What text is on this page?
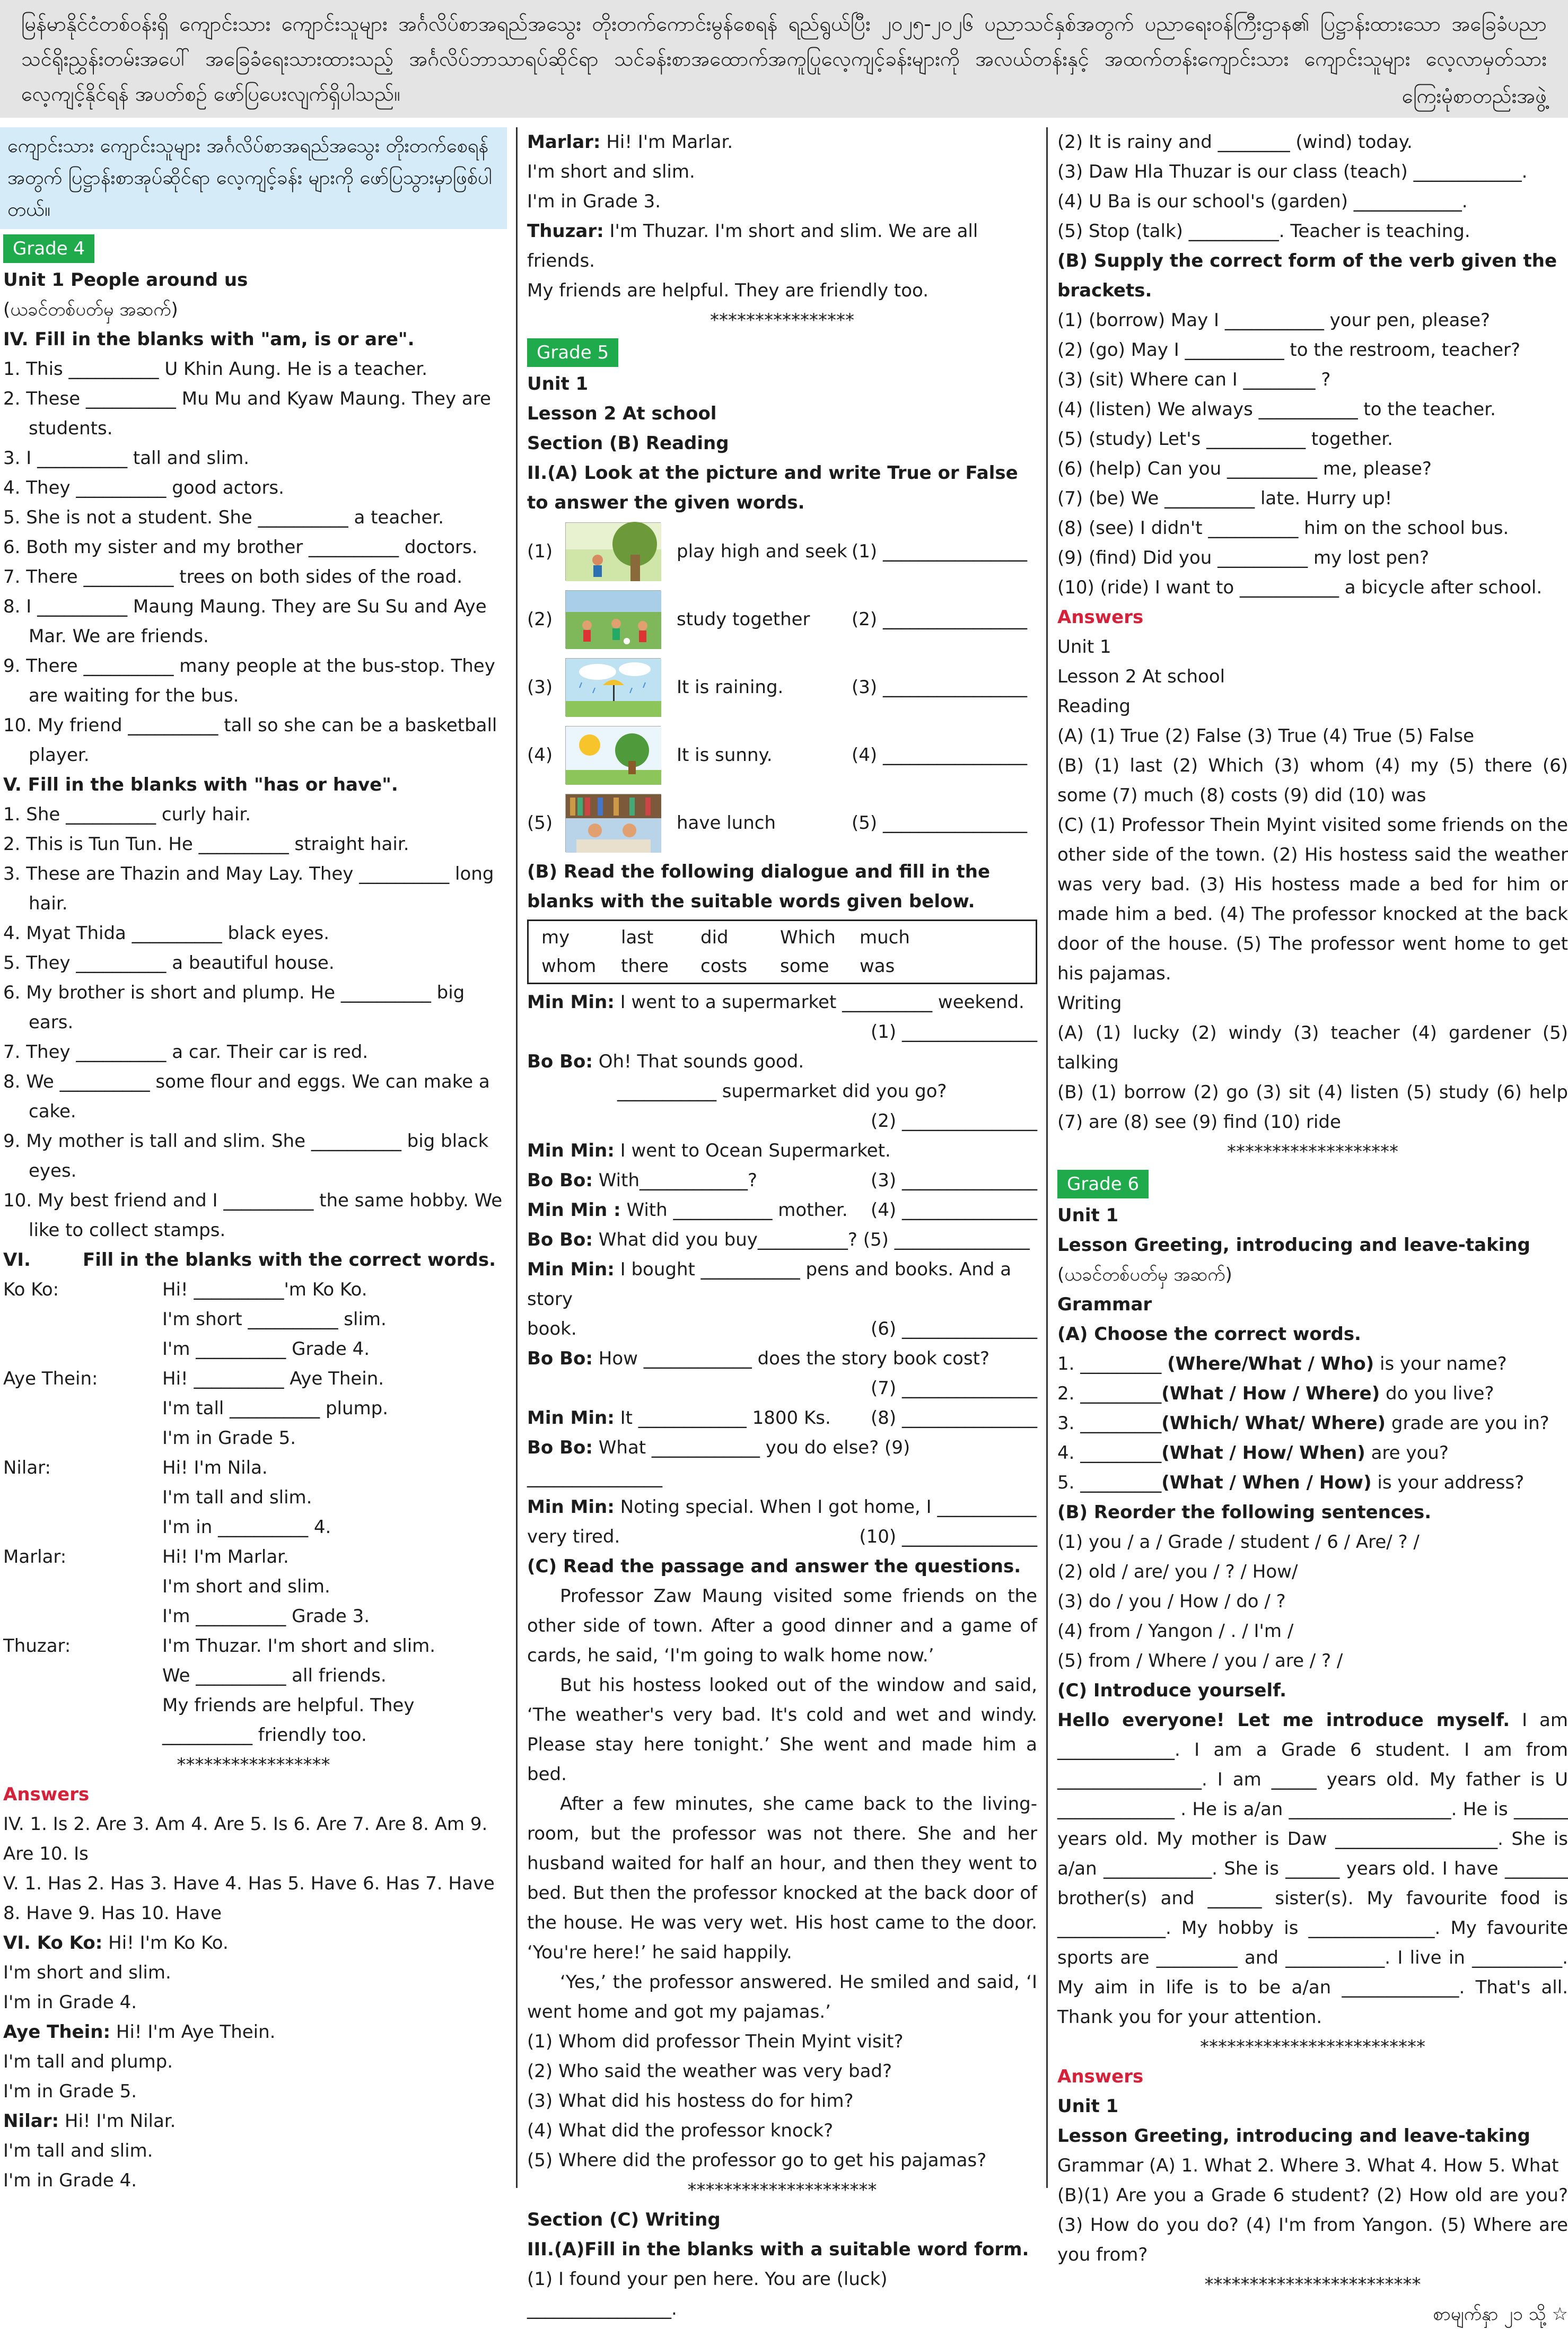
မြန်မာနိုင်ငံတစ်ဝန်းရှိ ကျောင်းသား ကျောင်းသူများ အင်္ဂလိပ်စာအရည်အသွေး တိုးတက်ကောင်းမွန်စေရန် ရည်ရွယ်ပြီး ၂၀၂၅-၂၀၂၆ ပညာသင်နှစ်အတွက် ပညာရေးဝန်ကြီးဌာန၏ ပြဋ္ဌာန်းထားသော အခြေခံပညာသင်ရိုးညွှန်းတမ်းအပေါ် အခြေခံရေးသားထားသည့် အင်္ဂလိပ်ဘာသာရပ်ဆိုင်ရာ သင်ခန်းစာအထောက်အကူပြုလေ့ကျင့်ခန်းများကို အလယ်တန်းနှင့် အထက်တန်းကျောင်းသား ကျောင်းသူများ လေ့လာမှတ်သားလေ့ကျင့်နိုင်ရန် အပတ်စဉ် ဖော်ပြပေးလျက်ရှိပါသည်။	ကြေးမုံစာတည်းအဖွဲ့
ကျောင်းသား ကျောင်းသူများ အင်္ဂလိပ်စာအရည်အသွေး တိုးတက်စေရန်အတွက် ပြဋ္ဌာန်းစာအုပ်ဆိုင်ရာ လေ့ကျင့်ခန်း များကို ဖော်ပြသွားမှာဖြစ်ပါတယ်။
Grade 4
Unit 1 People around us
(ယခင်တစ်ပတ်မှ အဆက်)
IV. Fill in the blanks with "am, is or are".
1. This __________ U Khin Aung. He is a teacher.
2. These __________ Mu Mu and Kyaw Maung. They are students.
3. I __________ tall and slim.
4. They __________ good actors.
5. She is not a student. She __________ a teacher.
6. Both my sister and my brother __________ doctors.
7. There __________ trees on both sides of the road.
8. I __________ Maung Maung. They are Su Su and Aye Mar. We are friends.
9. There __________ many people at the bus-stop. They are waiting for the bus.
10. My friend __________ tall so she can be a basketball player.
V. Fill in the blanks with "has or have".
1. She __________ curly hair.
2. This is Tun Tun. He __________ straight hair.
3. These are Thazin and May Lay. They __________ long hair.
4. Myat Thida __________ black eyes.
5. They __________ a beautiful house.
6. My brother is short and plump. He __________ big ears.
7. They __________ a car. Their car is red.
8. We __________ some flour and eggs. We can make a cake.
9. My mother is tall and slim. She __________ big black eyes.
10. My best friend and I __________ the same hobby. We like to collect stamps.
VI.	Fill in the blanks with the correct words.
Ko Ko:	Hi! __________'m Ko Ko.
I'm short __________ slim.
I'm __________ Grade 4.
Aye Thein:	Hi! __________ Aye Thein.
I'm tall __________ plump.
I'm in Grade 5.
Nilar:	Hi! I'm Nila.
I'm tall and slim.
I'm in __________ 4.
Marlar:	Hi! I'm Marlar.
I'm short and slim.
I'm __________ Grade 3.
Thuzar:	I'm Thuzar. I'm short and slim.
We __________ all friends.
My friends are helpful. They __________ friendly too.
*****************
Answers
IV. 1. Is 2. Are 3. Am 4. Are 5. Is 6. Are 7. Are 8. Am 9. Are 10. Is
V. 1. Has 2. Has 3. Have 4. Has 5. Have 6. Has 7. Have 8. Have 9. Has 10. Have
VI. Ko Ko: Hi! I'm Ko Ko.
I'm short and slim.
I'm in Grade 4.
Aye Thein: Hi! I'm Aye Thein.
I'm tall and plump.
I'm in Grade 5.
Nilar: Hi! I'm Nilar.
I'm tall and slim.
I'm in Grade 4.
Marlar: Hi! I'm Marlar.
I'm short and slim.
I'm in Grade 3.
Thuzar: I'm Thuzar. I'm short and slim. We are all friends.
My friends are helpful. They are friendly too.
****************
Grade 5
Unit 1
Lesson 2 At school
Section (B) Reading
II.(A) Look at the picture and write True or False to answer the given words.
(1)	play high and seek (1) ________________
(2)	study together	(2) ________________
(3)	It is raining.	(3) ________________
(4)	It is sunny.	(4) ________________
(5)	have lunch	(5) ________________
(B) Read the following dialogue and fill in the blanks with the suitable words given below.
my	last	did	Which	much
whom	there	costs	some	was
Min Min: I went to a supermarket __________ weekend.
(1) _______________
Bo Bo: Oh! That sounds good.
___________ supermarket did you go?
(2) _______________
Min Min: I went to Ocean Supermarket.
Bo Bo: With____________?	(3) _______________
Min Min : With ___________ mother. (4) _______________
Bo Bo: What did you buy__________? (5) _______________
Min Min: I bought ___________ pens and books. And a story
book.	(6) _______________
Bo Bo: How ____________ does the story book cost?
(7) _______________
Min Min: It ____________ 1800 Ks. (8) _______________
Bo Bo: What ____________ you do else? (9) _______________
Min Min: Noting special. When I got home, I ___________
very tired.	(10) _______________
(C) Read the passage and answer the questions.
Professor Zaw Maung visited some friends on the other side of town. After a good dinner and a game of cards, he said, ‘I'm going to walk home now.’
But his hostess looked out of the window and said, ‘The weather's very bad. It's cold and wet and windy. Please stay here tonight.’ She went and made him a bed.
After a few minutes, she came back to the living-room, but the professor was not there. She and her husband waited for half an hour, and then they went to bed. But then the professor knocked at the back door of the house. He was very wet. His host came to the door. ‘You're here!’ he said happily.
‘Yes,’ the professor answered. He smiled and said, ‘I went home and got my pajamas.’
(1) Whom did professor Thein Myint visit?
(2) Who said the weather was very bad?
(3) What did his hostess do for him?
(4) What did the professor knock?
(5) Where did the professor go to get his pajamas?
*********************
Section (C) Writing
III.(A)Fill in the blanks with a suitable word form.
(1) I found your pen here. You are (luck) ________________.
(2) It is rainy and ________ (wind) today.
(3) Daw Hla Thuzar is our class (teach) ____________.
(4) U Ba is our school's (garden) ____________.
(5) Stop (talk) __________. Teacher is teaching.
(B) Supply the correct form of the verb given the brackets.
(1) (borrow) May I ___________ your pen, please?
(2) (go) May I ___________ to the restroom, teacher?
(3) (sit) Where can I ________ ?
(4) (listen) We always ___________ to the teacher.
(5) (study) Let's ___________ together.
(6) (help) Can you __________ me, please?
(7) (be) We __________ late. Hurry up!
(8) (see) I didn't __________ him on the school bus.
(9) (find) Did you __________ my lost pen?
(10) (ride) I want to ___________ a bicycle after school.
Answers
Unit 1
Lesson 2 At school
Reading
(A) (1) True (2) False (3) True (4) True (5) False
(B) (1) last (2) Which (3) whom (4) my (5) there (6) some (7) much (8) costs (9) did (10) was
(C) (1) Professor Thein Myint visited some friends on the other side of the town. (2) His hostess said the weather was very bad. (3) His hostess made a bed for him or made him a bed. (4) The professor knocked at the back door of the house. (5) The professor went home to get his pajamas.
Writing
(A) (1) lucky (2) windy (3) teacher (4) gardener (5) talking
(B) (1) borrow (2) go (3) sit (4) listen (5) study (6) help (7) are (8) see (9) find (10) ride
*******************
Grade 6
Unit 1
Lesson Greeting, introducing and leave-taking
(ယခင်တစ်ပတ်မှ အဆက်)
Grammar
(A) Choose the correct words.
1. _________ (Where/What / Who) is your name?
2. _________(What / How / Where) do you live?
3. _________(Which/ What/ Where) grade are you in?
4. _________(What / How/ When) are you?
5. _________(What / When / How) is your address?
(B) Reorder the following sentences.
(1) you / a / Grade / student / 6 / Are/ ? /
(2) old / are/ you / ? / How/
(3) do / you / How / do / ?
(4) from / Yangon / . / I'm /
(5) from / Where / you / are / ? /
(C) Introduce yourself.
Hello everyone! Let me introduce myself. I am _____________. I am a Grade 6 student. I am from ________________. I am _____ years old. My father is U _____________ . He is a/an __________________. He is ______ years old. My mother is Daw __________________. She is a/an ____________. She is ______ years old. I have _______ brother(s) and ______ sister(s). My favourite food is ____________. My hobby is ______________. My favourite sports are _________ and ___________. I live in __________. My aim in life is to be a/an _____________. That's all. Thank you for your attention.
*************************
Answers
Unit 1
Lesson Greeting, introducing and leave-taking
Grammar (A) 1. What 2. Where 3. What 4. How 5. What
(B)(1) Are you a Grade 6 student? (2) How old are you? (3) How do you do? (4) I'm from Yangon. (5) Where are you from?
************************
စာမျက်နှာ ၂၁ သို့ ☆
